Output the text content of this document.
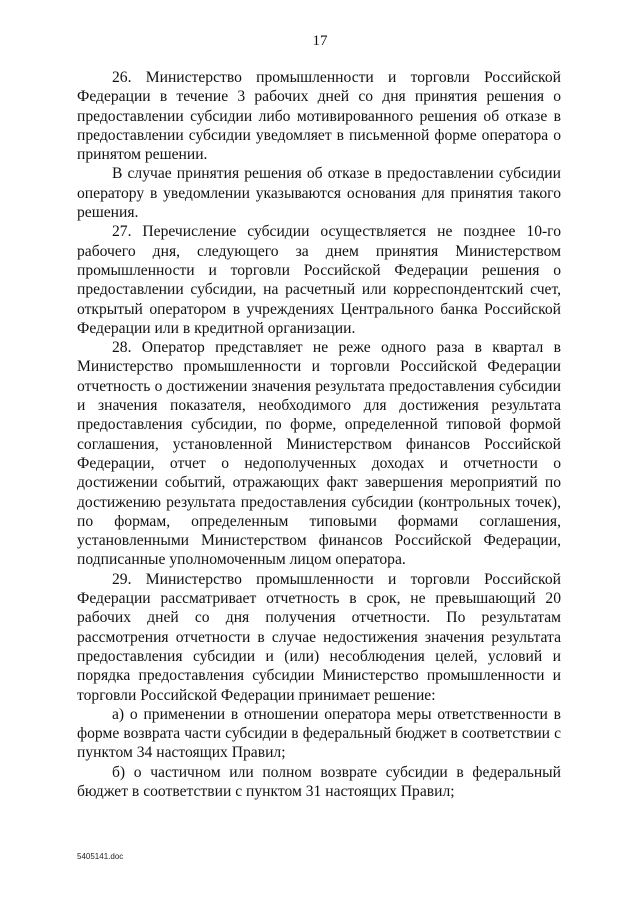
17

26. Министерство промышленности и торговли Российской Федерации в течение 3 рабочих дней со дня принятия решения о предоставлении субсидии либо мотивированного решения об отказе в предоставлении субсидии уведомляет в письменной форме оператора о принятом решении.

В случае принятия решения об отказе в предоставлении субсидии оператору в уведомлении указываются основания для принятия такого решения.

27. Перечисление субсидии осуществляется не позднее 10-го рабочего дня, следующего за днем принятия Министерством промышленности и торговли Российской Федерации решения о предоставлении субсидии, на расчетный или корреспондентский счет, открытый оператором в учреждениях Центрального банка Российской Федерации или в кредитной организации.

28. Оператор представляет не реже одного раза в квартал в Министерство промышленности и торговли Российской Федерации отчетность о достижении значения результата предоставления субсидии и значения показателя, необходимого для достижения результата предоставления субсидии, по форме, определенной типовой формой соглашения, установленной Министерством финансов Российской Федерации, отчет о недополученных доходах и отчетности о достижении событий, отражающих факт завершения мероприятий по достижению результата предоставления субсидии (контрольных точек), по формам, определенным типовыми формами соглашения, установленными Министерством финансов Российской Федерации, подписанные уполномоченным лицом оператора.

29. Министерство промышленности и торговли Российской Федерации рассматривает отчетность в срок, не превышающий 20 рабочих дней со дня получения отчетности. По результатам рассмотрения отчетности в случае недостижения значения результата предоставления субсидии и (или) несоблюдения целей, условий и порядка предоставления субсидии Министерство промышленности и торговли Российской Федерации принимает решение:

а) о применении в отношении оператора меры ответственности в форме возврата части субсидии в федеральный бюджет в соответствии с пунктом 34 настоящих Правил;

б) о частичном или полном возврате субсидии в федеральный бюджет в соответствии с пунктом 31 настоящих Правил;

5405141.doc
